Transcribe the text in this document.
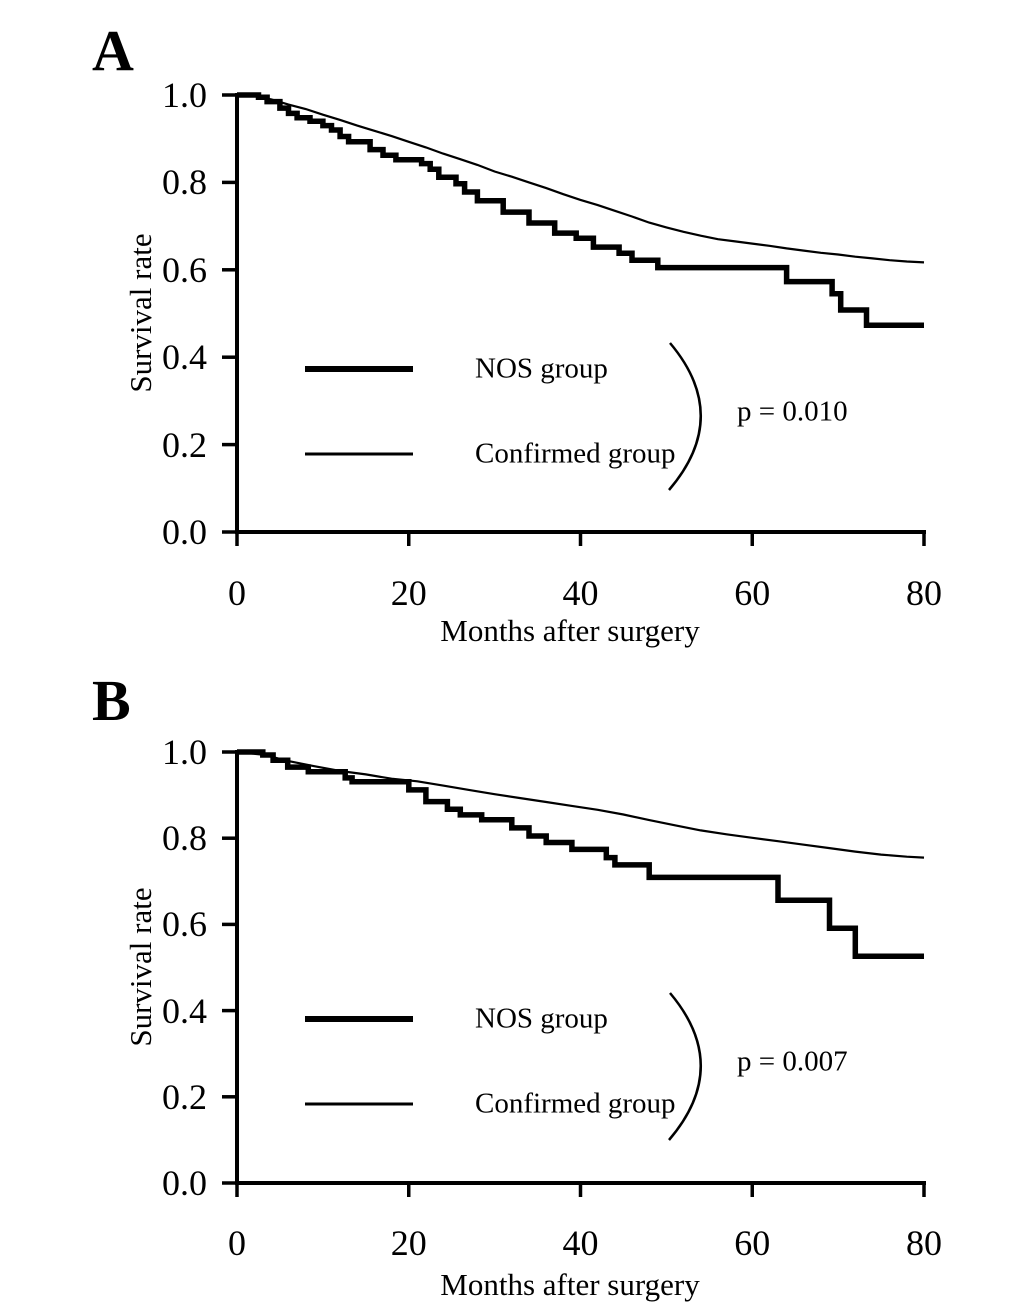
A
B
Survival rate
Survival rate
Months after surgery
Months after surgery
NOS group
Confirmed group
NOS group
Confirmed group
p = 0.010
p = 0.007
1.0
0.8
0.6
0.4
0.2
0.0
0	20	40	60	80
1.0
0.8
0.6
0.4
0.2
0.0
0	20	40	60	80
